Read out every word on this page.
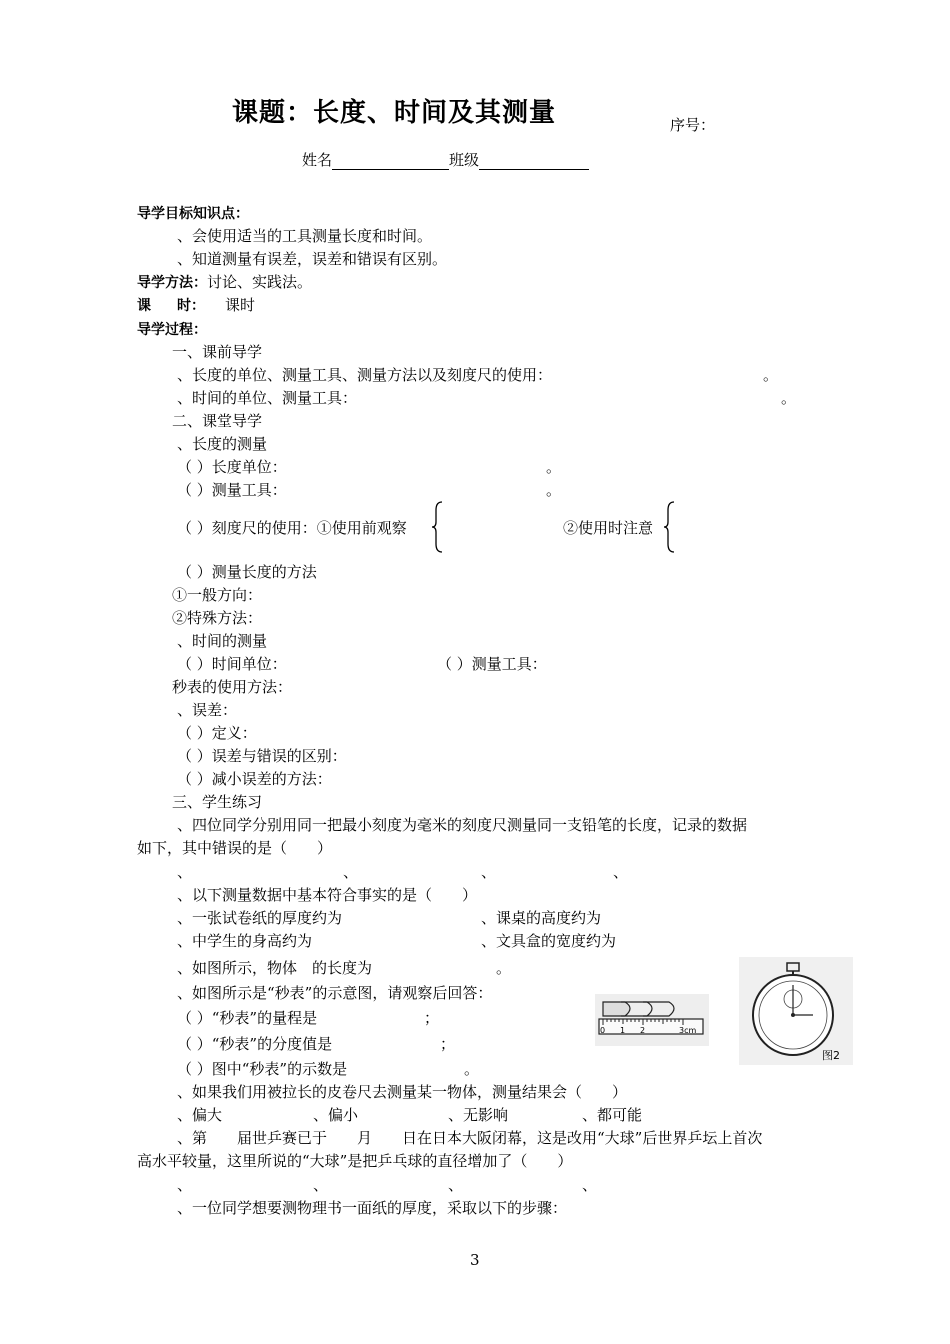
课题：长度、时间及其测量	序号：
姓名	班级
导学目标知识点：
、会使用适当的工具测量长度和时间。
、知道测量有误差，误差和错误有区别。
导学方法：讨论、实践法。
课 时： 课时
导学过程：
一、课前导学
、长度的单位、测量工具、测量方法以及刻度尺的使用：	。
、时间的单位、测量工具：	。
二、课堂导学
、长度的测量
（ ）长度单位：	。
（ ）测量工具：	。
（ ）刻度尺的使用：①使用前观察	②使用时注意
（ ）测量长度的方法
①一般方向：
②特殊方法：
、时间的测量
（ ）时间单位：	（ ）测量工具：
秒表的使用方法：
、误差：
（ ）定义：
（ ）误差与错误的区别：
（ ）减小误差的方法：
三、学生练习
、四位同学分别用同一把最小刻度为毫米的刻度尺测量同一支铅笔的长度，记录的数据
如下，其中错误的是（　　）
、	、	、	、
、以下测量数据中基本符合事实的是（　　）
、一张试卷纸的厚度约为	、课桌的高度约为
、中学生的身高约为	、文具盒的宽度约为
、如图所示，物体　的长度为	。
、如图所示是“秒表”的示意图，请观察后回答：
（ ）“秒表”的量程是	；
（ ）“秒表”的分度值是	；
（ ）图中“秒表”的示数是	。
、如果我们用被拉长的皮卷尺去测量某一物体，测量结果会（　　）
、偏大	、偏小	、无影响	、都可能
、第　　届世乒赛已于　　月　　日在日本大阪闭幕，这是改用“大球”后世界乒坛上首次
高水平较量，这里所说的“大球”是把乒乓球的直径增加了（　　）
、	、	、	、
、一位同学想要测物理书一面纸的厚度，采取以下的步骤：
0 1 2	3cm
图2
3
